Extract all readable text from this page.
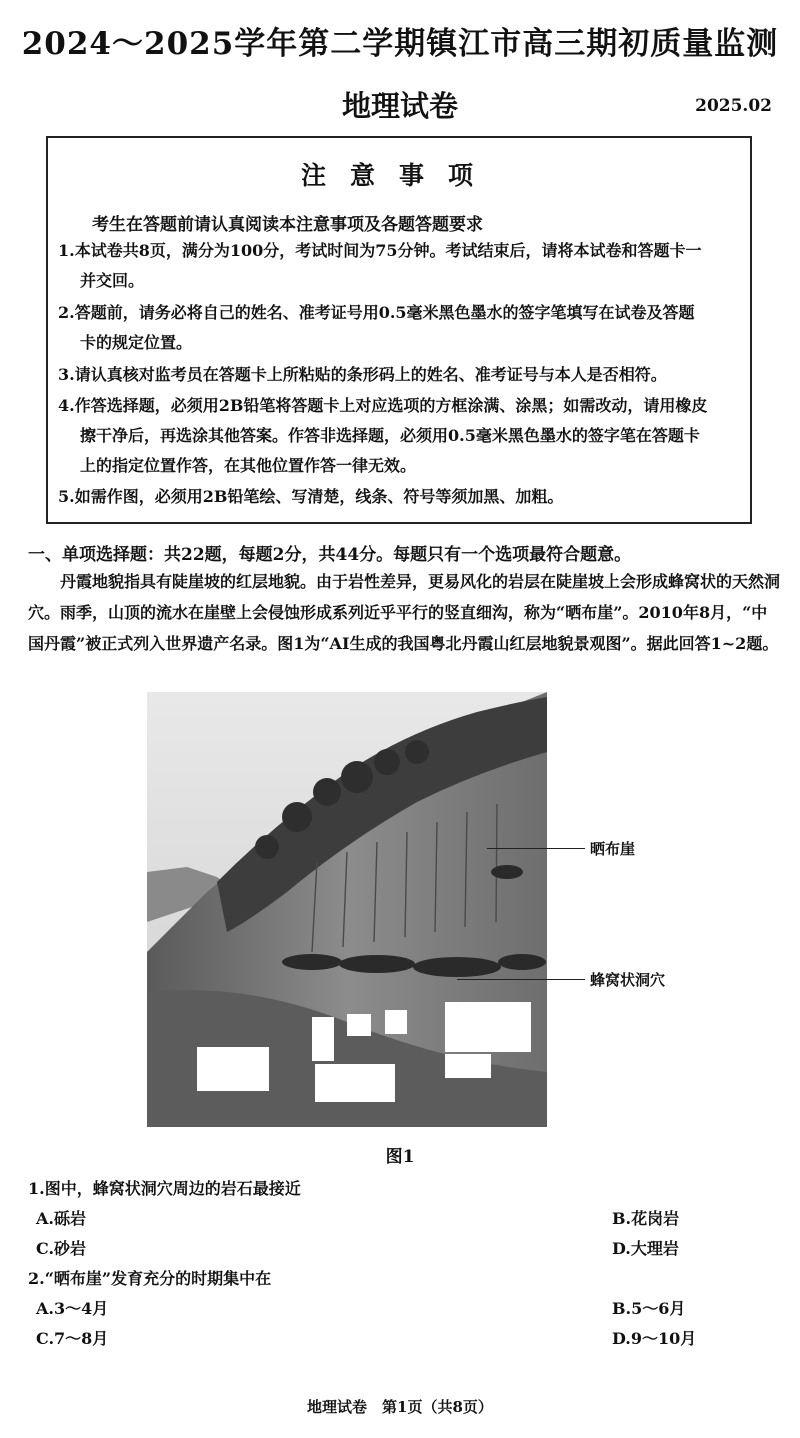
2024～2025学年第二学期镇江市高三期初质量监测
地理试卷	2025.02
注意事项
考生在答题前请认真阅读本注意事项及各题答题要求
1.本试卷共8页，满分为100分，考试时间为75分钟。考试结束后，请将本试卷和答题卡一
并交回。
2.答题前，请务必将自己的姓名、准考证号用0.5毫米黑色墨水的签字笔填写在试卷及答题
卡的规定位置。
3.请认真核对监考员在答题卡上所粘贴的条形码上的姓名、准考证号与本人是否相符。
4.作答选择题，必须用2B铅笔将答题卡上对应选项的方框涂满、涂黑；如需改动，请用橡皮
擦干净后，再选涂其他答案。作答非选择题，必须用0.5毫米黑色墨水的签字笔在答题卡
上的指定位置作答，在其他位置作答一律无效。
5.如需作图，必须用2B铅笔绘、写清楚，线条、符号等须加黑、加粗。
一、单项选择题：共22题，每题2分，共44分。每题只有一个选项最符合题意。

丹霞地貌指具有陡崖坡的红层地貌。由于岩性差异，更易风化的岩层在陡崖坡上会形成蜂窝状的天然洞穴。雨季，山顶的流水在崖壁上会侵蚀形成系列近乎平行的竖直细沟，称为“晒布崖”。2010年8月，“中国丹霞”被正式列入世界遗产名录。图1为“AI生成的我国粤北丹霞山红层地貌景观图”。据此回答1~2题。

晒布崖
蜂窝状洞穴
图1
1.图中，蜂窝状洞穴周边的岩石最接近
A.砾岩	B.花岗岩
C.砂岩	D.大理岩
2.“晒布崖”发育充分的时期集中在
A.3～4月	B.5～6月
C.7～8月	D.9～10月
地理试卷　第1页（共8页）
